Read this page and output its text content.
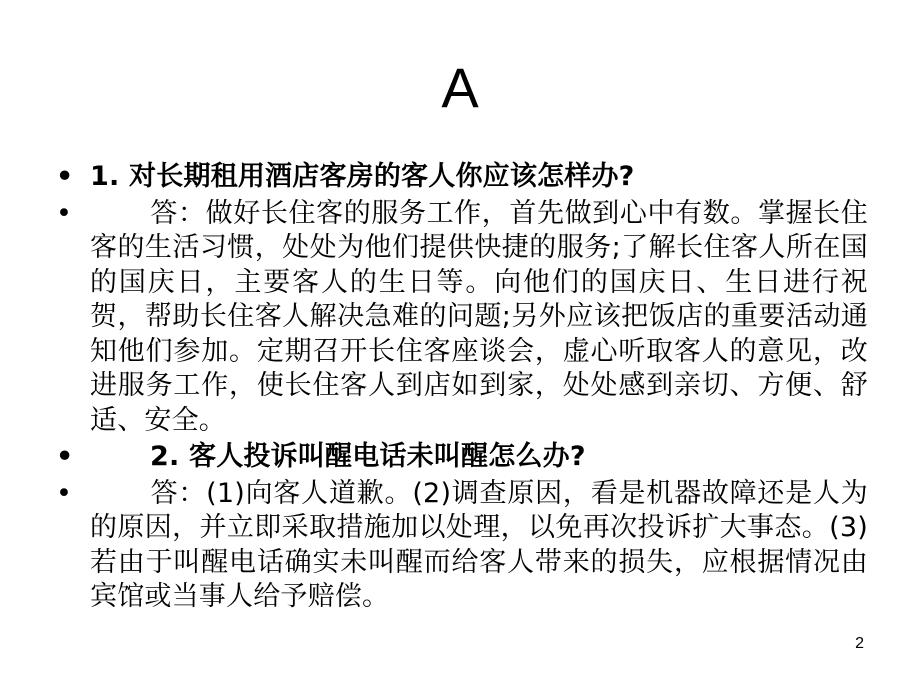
A
• 1. 对长期租用酒店客房的客人你应该怎样办?
•	答：做好长住客的服务工作，首先做到心中有数。掌握长住客的生活习惯，处处为他们提供快捷的服务;了解长住客人所在国的国庆日，主要客人的生日等。向他们的国庆日、生日进行祝贺，帮助长住客人解决急难的问题;另外应该把饭店的重要活动通知他们参加。定期召开长住客座谈会，虚心听取客人的意见，改进服务工作，使长住客人到店如到家，处处感到亲切、方便、舒适、安全。
•	2. 客人投诉叫醒电话未叫醒怎么办?
•	答：(1)向客人道歉。(2)调查原因，看是机器故障还是人为的原因，并立即采取措施加以处理，以免再次投诉扩大事态。(3)若由于叫醒电话确实未叫醒而给客人带来的损失，应根据情况由宾馆或当事人给予赔偿。
2
